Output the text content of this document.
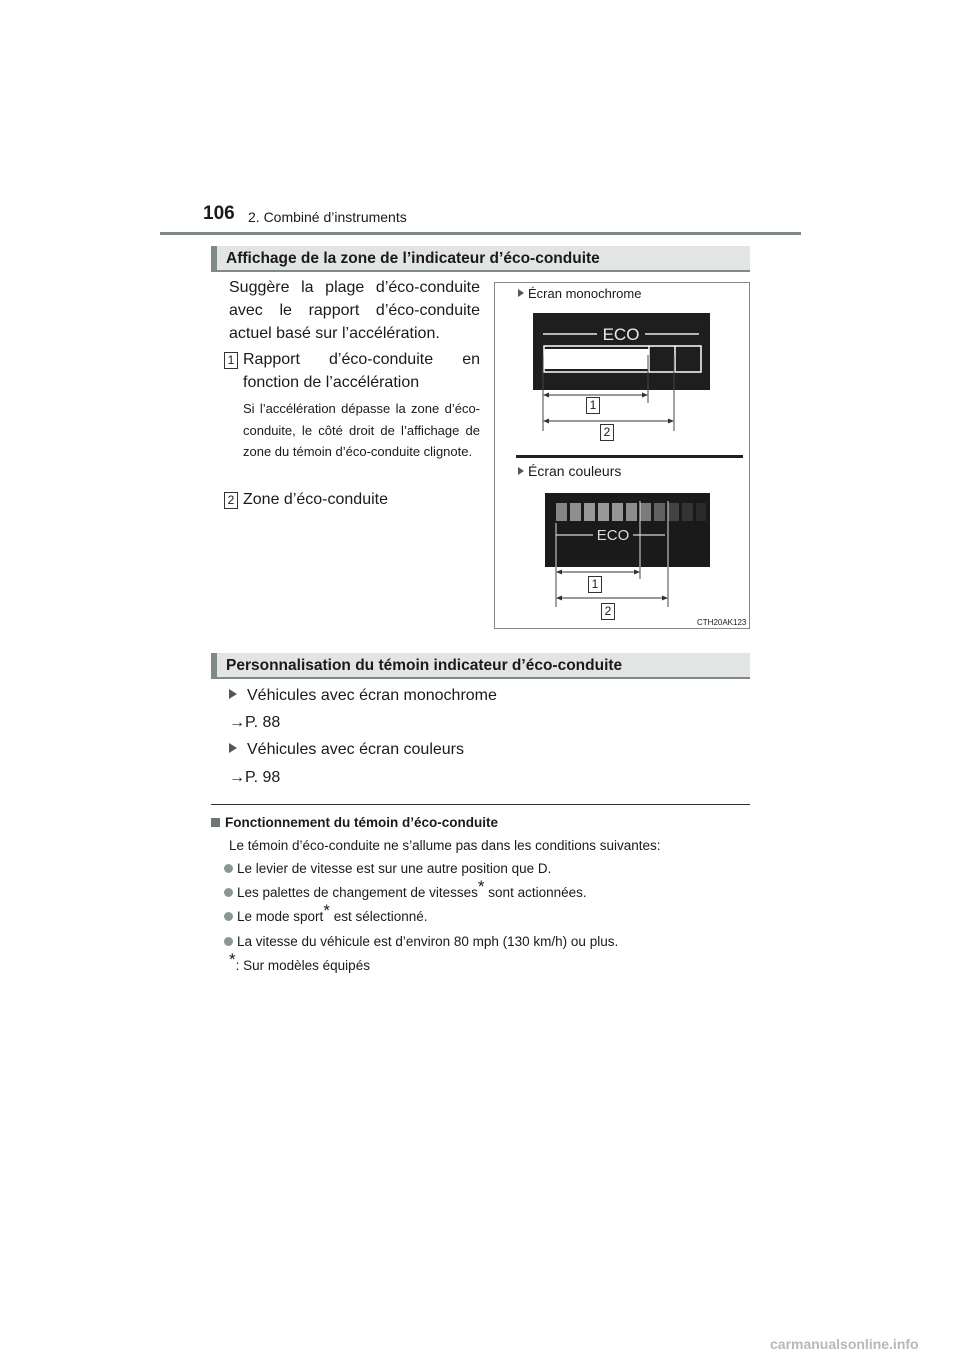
106 2. Combiné d’instruments
Affichage de la zone de l’indicateur d’éco-conduite
Suggère la plage d’éco-conduite avec le rapport d’éco-conduite actuel basé sur l’accélération.
1 Rapport d’éco-conduite en fonction de l’accélération
Si l’accélération dépasse la zone d’éco-conduite, le côté droit de l’affichage de zone du témoin d’éco-conduite clignote.
2 Zone d’éco-conduite
Écran monochrome
ECO
1
2
Écran couleurs
ECO
1
2
CTH20AK123
Personnalisation du témoin indicateur d’éco-conduite
Véhicules avec écran monochrome
→P. 88
Véhicules avec écran couleurs
→P. 98
Fonctionnement du témoin d’éco-conduite
Le témoin d’éco-conduite ne s’allume pas dans les conditions suivantes:
Le levier de vitesse est sur une autre position que D.
Les palettes de changement de vitesses* sont actionnées.
Le mode sport* est sélectionné.
La vitesse du véhicule est d’environ 80 mph (130 km/h) ou plus.
*: Sur modèles équipés
carmanualsonline.info
